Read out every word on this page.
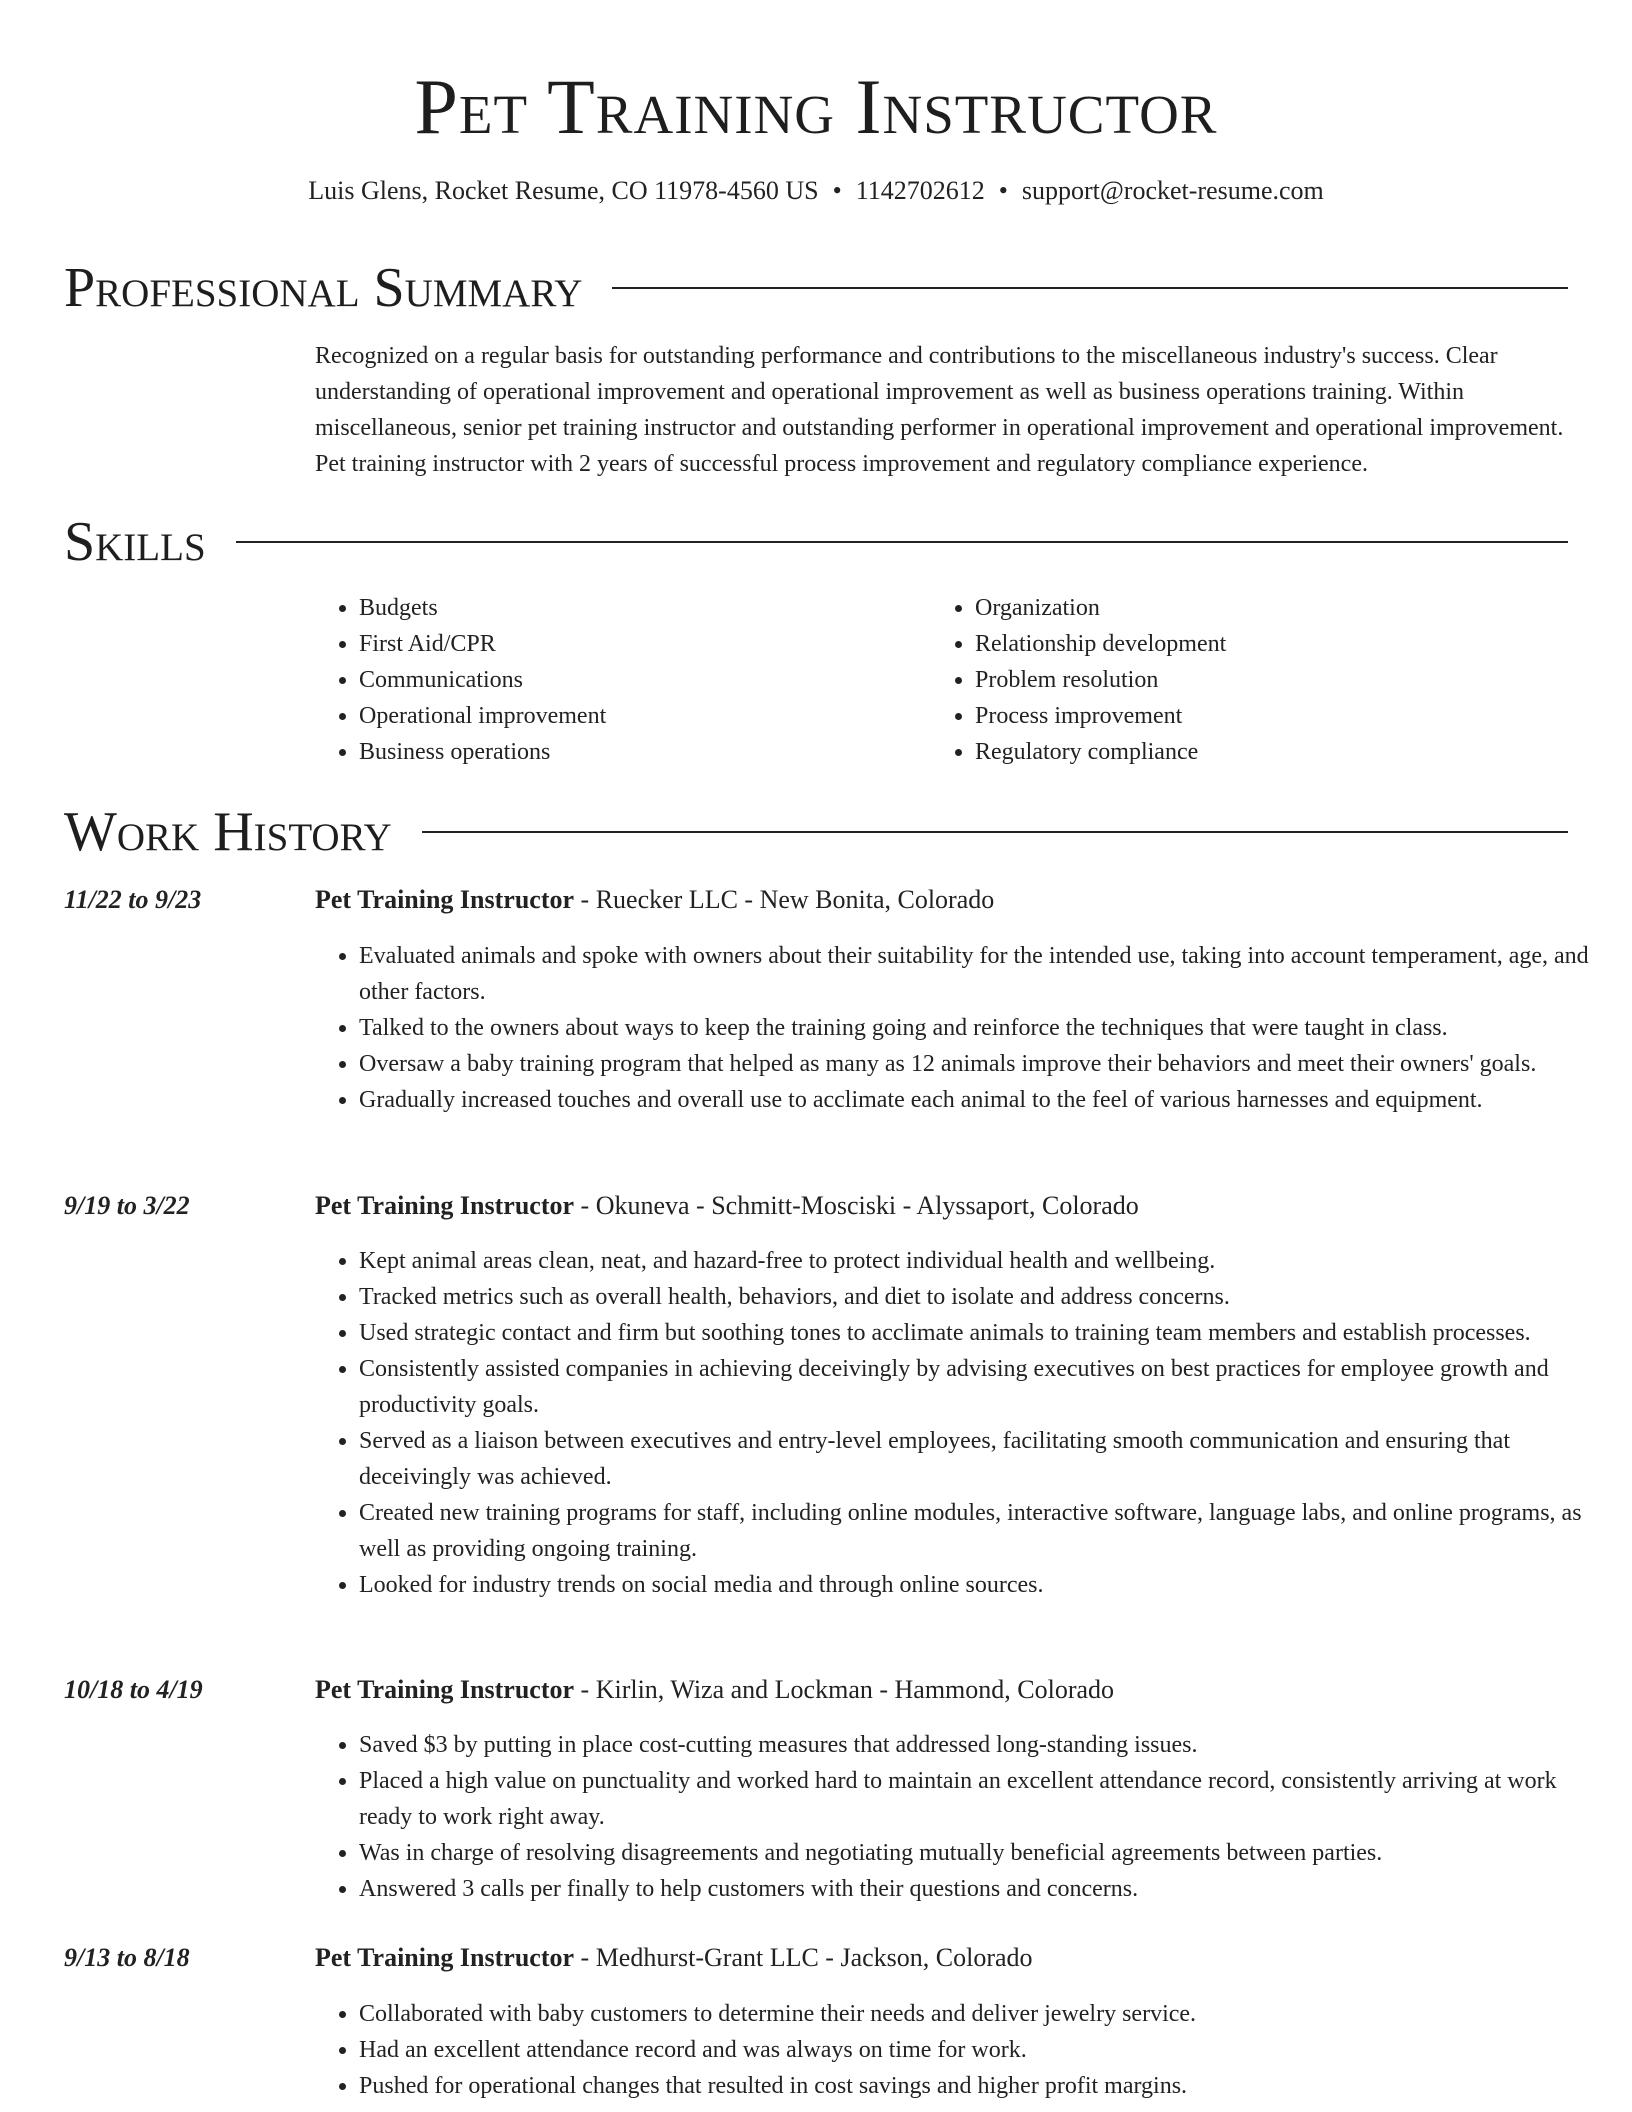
Pet Training Instructor
Luis Glens, Rocket Resume, CO 11978-4560 US • 1142702612 • support@rocket-resume.com
Professional Summary

Recognized on a regular basis for outstanding performance and contributions to the miscellaneous industry's success. Clear understanding of operational improvement and operational improvement as well as business operations training. Within miscellaneous, senior pet training instructor and outstanding performer in operational improvement and operational improvement. Pet training instructor with 2 years of successful process improvement and regulatory compliance experience.

Skills
• Budgets
• First Aid/CPR
• Communications
• Operational improvement
• Business operations
• Organization
• Relationship development
• Problem resolution
• Process improvement
• Regulatory compliance
Work History
11/22 to 9/23	Pet Training Instructor - Ruecker LLC - New Bonita, Colorado
• Evaluated animals and spoke with owners about their suitability for the intended use, taking into account temperament, age, and other factors.
• Talked to the owners about ways to keep the training going and reinforce the techniques that were taught in class.
• Oversaw a baby training program that helped as many as 12 animals improve their behaviors and meet their owners' goals.
• Gradually increased touches and overall use to acclimate each animal to the feel of various harnesses and equipment.
9/19 to 3/22	Pet Training Instructor - Okuneva - Schmitt-Mosciski - Alyssaport, Colorado
• Kept animal areas clean, neat, and hazard-free to protect individual health and wellbeing.
• Tracked metrics such as overall health, behaviors, and diet to isolate and address concerns.
• Used strategic contact and firm but soothing tones to acclimate animals to training team members and establish processes.
• Consistently assisted companies in achieving deceivingly by advising executives on best practices for employee growth and productivity goals.
• Served as a liaison between executives and entry-level employees, facilitating smooth communication and ensuring that deceivingly was achieved.
• Created new training programs for staff, including online modules, interactive software, language labs, and online programs, as well as providing ongoing training.
• Looked for industry trends on social media and through online sources.
10/18 to 4/19	Pet Training Instructor - Kirlin, Wiza and Lockman - Hammond, Colorado
• Saved $3 by putting in place cost-cutting measures that addressed long-standing issues.
• Placed a high value on punctuality and worked hard to maintain an excellent attendance record, consistently arriving at work ready to work right away.
• Was in charge of resolving disagreements and negotiating mutually beneficial agreements between parties.
• Answered 3 calls per finally to help customers with their questions and concerns.
9/13 to 8/18	Pet Training Instructor - Medhurst-Grant LLC - Jackson, Colorado
• Collaborated with baby customers to determine their needs and deliver jewelry service.
• Had an excellent attendance record and was always on time for work.
• Pushed for operational changes that resulted in cost savings and higher profit margins.
